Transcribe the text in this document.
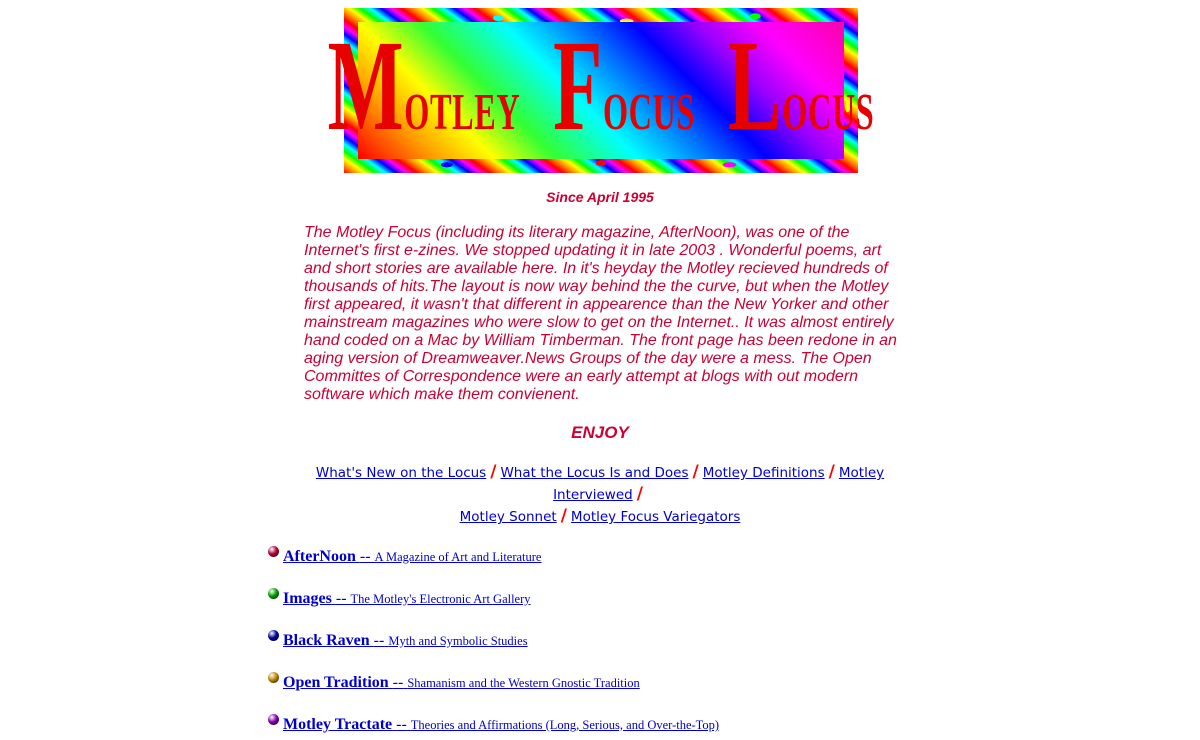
MOTLEY FOCUS LOCUS
Since April 1995

The Motley Focus (including its literary magazine, AfterNoon), was one of the Internet's first e-zines. We stopped updating it in late 2003 . Wonderful poems, art and short stories are available here. In it's heyday the Motley recieved hundreds of thousands of hits.The layout is now way behind the the curve, but when the Motley first appeared, it wasn't that different in appearence than the New Yorker and other mainstream magazines who were slow to get on the Internet.. It was almost entirely hand coded on a Mac by William Timberman. The front page has been redone in an aging version of Dreamweaver.News Groups of the day were a mess. The Open Committes of Correspondence were an early attempt at blogs with out modern software which make them convienent.

ENJOY
What's New on the Locus / What the Locus Is and Does / Motley Definitions / Motley Interviewed /
Motley Sonnet / Motley Focus Variegators
AfterNoon -- A Magazine of Art and Literature
Images -- The Motley's Electronic Art Gallery
Black Raven -- Myth and Symbolic Studies
Open Tradition -- Shamanism and the Western Gnostic Tradition
Motley Tractate -- Theories and Affirmations (Long, Serious, and Over-the-Top)
